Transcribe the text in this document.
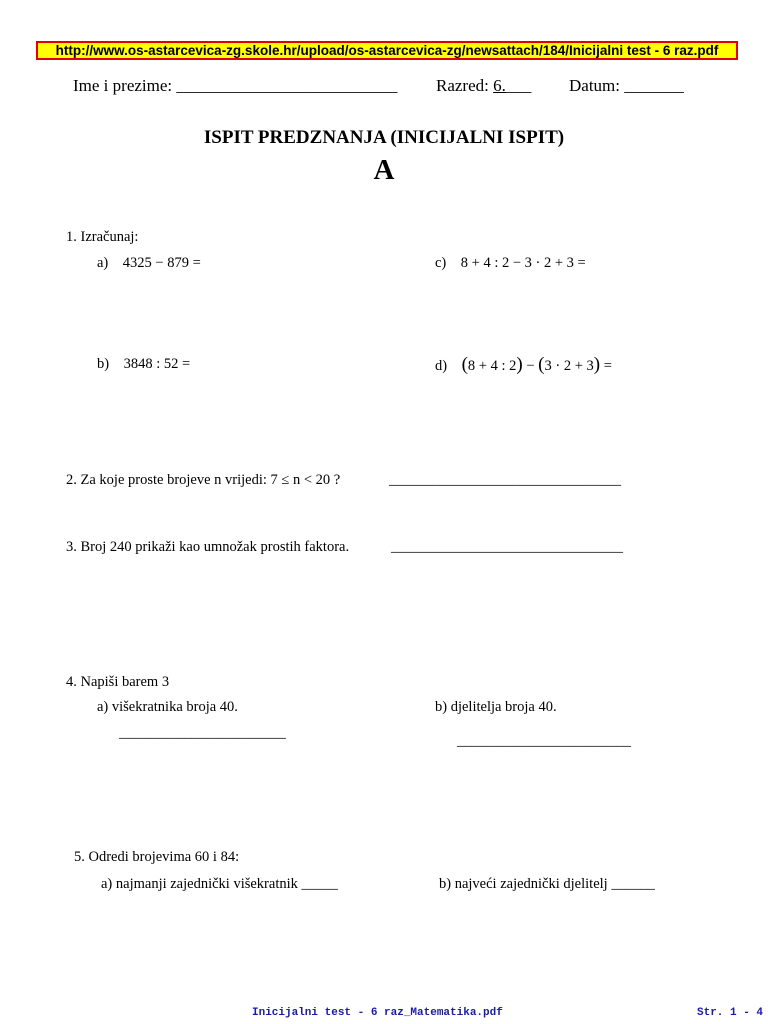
http://www.os-astarcevica-zg.skole.hr/upload/os-astarcevica-zg/newsattach/184/Inicijalni test - 6 raz.pdf
Ime i prezime: __________________________ Razred: 6.___ Datum: _______
ISPIT PREDZNANJA (INICIJALNI ISPIT)
A
1. Izračunaj:
a) 4325 − 879 =	c) 8 + 4 : 2 − 3 · 2 + 3 =
b) 3848 : 52 =	d) (8 + 4 : 2) − (3 · 2 + 3) =
2. Za koje proste brojeve n vrijedi: 7 ≤ n < 20 ?	________________________________
3. Broj 240 prikaži kao umnožak prostih faktora.	________________________________
4. Napiši barem 3
a) višekratnika broja 40.	b) djelitelja broja 40.
_______________________	________________________
5. Odredi brojevima 60 i 84:
a) najmanji zajednički višekratnik _____	b) najveći zajednički djelitelj ______
Inicijalni test - 6 raz_Matematika.pdf	Str. 1 - 4
